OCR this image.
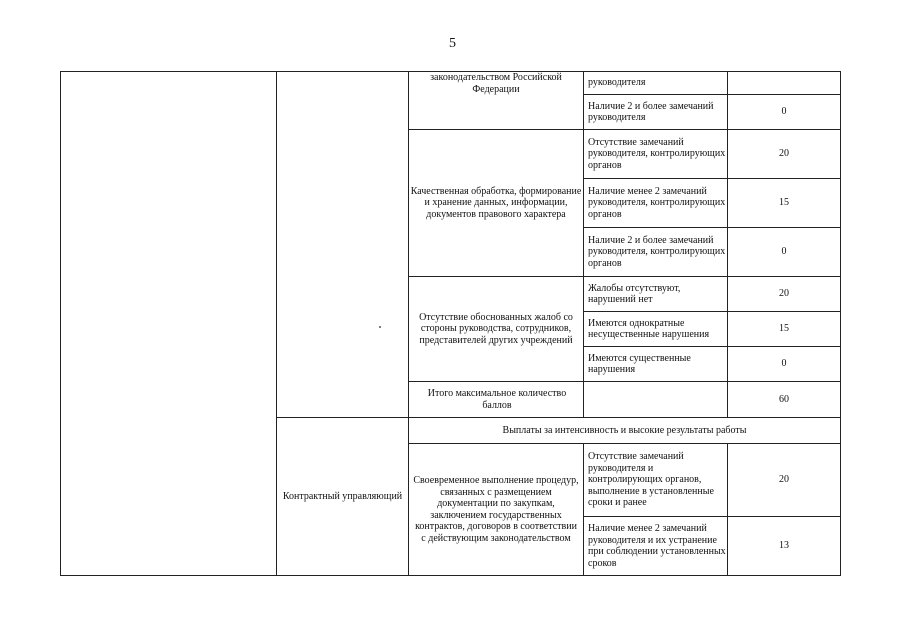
5
законодательством Российской Федерации
Качественная обработка, формирование и хранение данных, информации, документов правового характера
Отсутствие обоснованных жалоб со стороны руководства, сотрудников, представителей других учреждений
Итого максимальное количество баллов
руководителя
Наличие 2 и более замечаний руководителя
Отсутствие замечаний руководителя, контролирующих органов
Наличие менее 2 замечаний руководителя, контролирующих органов
Наличие 2 и более замечаний руководителя, контролирующих органов
Жалобы отсутствуют, нарушений нет
Имеются однократные несущественные нарушения
Имеются существенные нарушения
0
20
15
0
20
15
0
60
Выплаты за интенсивность и высокие результаты работы
Контрактный управляющий
Своевременное выполнение процедур, связанных с размещением документации по закупкам, заключением государственных контрактов, договоров в соответствии с действующим законодательством
Отсутствие замечаний руководителя и контролирующих органов, выполнение в установленные сроки и ранее
Наличие менее 2 замечаний руководителя и их устранение при соблюдении установленных сроков
20
13
